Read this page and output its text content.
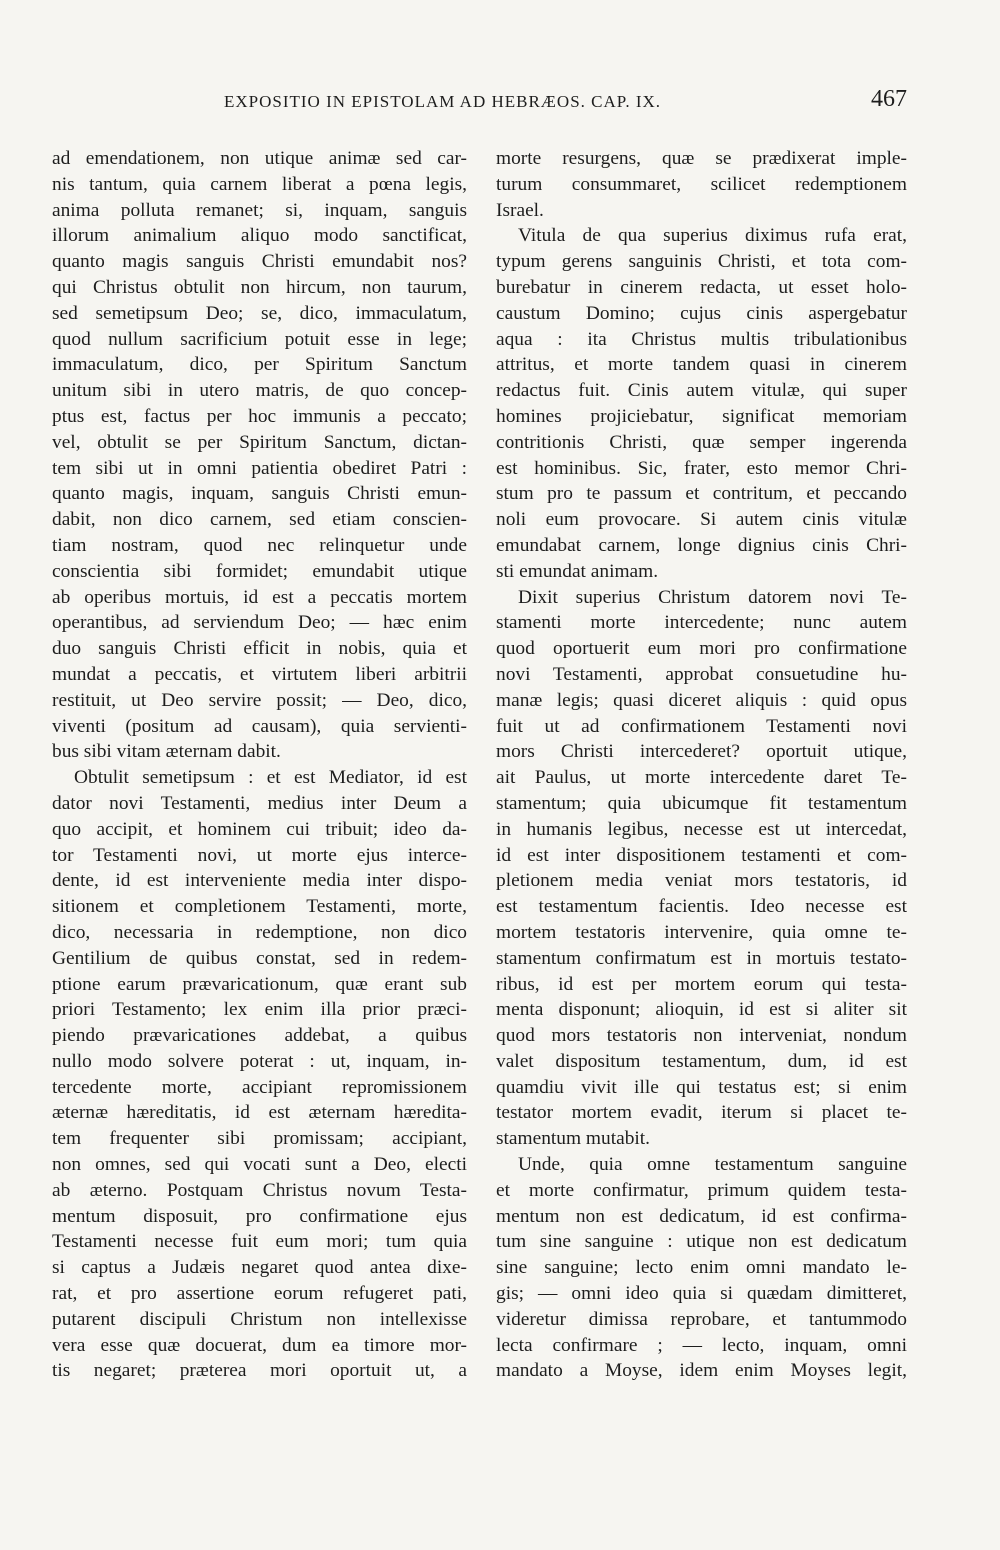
EXPOSITIO IN EPISTOLAM AD HEBRÆOS. CAP. IX.	467
ad emendationem, non utique animæ sed car-
nis tantum, quia carnem liberat a pœna legis,
anima polluta remanet; si, inquam, sanguis
illorum animalium aliquo modo sanctificat,
quanto magis sanguis Christi emundabit nos?
qui Christus obtulit non hircum, non taurum,
sed semetipsum Deo; se, dico, immaculatum,
quod nullum sacrificium potuit esse in lege;
immaculatum, dico, per Spiritum Sanctum
unitum sibi in utero matris, de quo concep-
ptus est, factus per hoc immunis a peccato;
vel, obtulit se per Spiritum Sanctum, dictan-
tem sibi ut in omni patientia obediret Patri :
quanto magis, inquam, sanguis Christi emun-
dabit, non dico carnem, sed etiam conscien-
tiam nostram, quod nec relinquetur unde
conscientia sibi formidet; emundabit utique
ab operibus mortuis, id est a peccatis mortem
operantibus, ad serviendum Deo; — hæc enim
duo sanguis Christi efficit in nobis, quia et
mundat a peccatis, et virtutem liberi arbitrii
restituit, ut Deo servire possit; — Deo, dico,
viventi (positum ad causam), quia servienti-
bus sibi vitam æternam dabit.
Obtulit semetipsum : et est Mediator, id est
dator novi Testamenti, medius inter Deum a
quo accipit, et hominem cui tribuit; ideo da-
tor Testamenti novi, ut morte ejus interce-
dente, id est interveniente media inter dispo-
sitionem et completionem Testamenti, morte,
dico, necessaria in redemptione, non dico
Gentilium de quibus constat, sed in redem-
ptione earum prævaricationum, quæ erant sub
priori Testamento; lex enim illa prior præci-
piendo prævaricationes addebat, a quibus
nullo modo solvere poterat : ut, inquam, in-
tercedente morte, accipiant repromissionem
æternæ hæreditatis, id est æternam hæredita-
tem frequenter sibi promissam; accipiant,
non omnes, sed qui vocati sunt a Deo, electi
ab æterno. Postquam Christus novum Testa-
mentum disposuit, pro confirmatione ejus
Testamenti necesse fuit eum mori; tum quia
si captus a Judæis negaret quod antea dixe-
rat, et pro assertione eorum refugeret pati,
putarent discipuli Christum non intellexisse
vera esse quæ docuerat, dum ea timore mor-
tis negaret; præterea mori oportuit ut, a
morte resurgens, quæ se prædixerat imple-
turum consummaret, scilicet redemptionem
Israel.
Vitula de qua superius diximus rufa erat,
typum gerens sanguinis Christi, et tota com-
burebatur in cinerem redacta, ut esset holo-
caustum Domino; cujus cinis aspergebatur
aqua : ita Christus multis tribulationibus
attritus, et morte tandem quasi in cinerem
redactus fuit. Cinis autem vitulæ, qui super
homines projiciebatur, significat memoriam
contritionis Christi, quæ semper ingerenda
est hominibus. Sic, frater, esto memor Chri-
stum pro te passum et contritum, et peccando
noli eum provocare. Si autem cinis vitulæ
emundabat carnem, longe dignius cinis Chri-
sti emundat animam.
Dixit superius Christum datorem novi Te-
stamenti morte intercedente; nunc autem
quod oportuerit eum mori pro confirmatione
novi Testamenti, approbat consuetudine hu-
manæ legis; quasi diceret aliquis : quid opus
fuit ut ad confirmationem Testamenti novi
mors Christi intercederet? oportuit utique,
ait Paulus, ut morte intercedente daret Te-
stamentum; quia ubicumque fit testamentum
in humanis legibus, necesse est ut intercedat,
id est inter dispositionem testamenti et com-
pletionem media veniat mors testatoris, id
est testamentum facientis. Ideo necesse est
mortem testatoris intervenire, quia omne te-
stamentum confirmatum est in mortuis testato-
ribus, id est per mortem eorum qui testa-
menta disponunt; alioquin, id est si aliter sit
quod mors testatoris non interveniat, nondum
valet dispositum testamentum, dum, id est
quamdiu vivit ille qui testatus est; si enim
testator mortem evadit, iterum si placet te-
stamentum mutabit.
Unde, quia omne testamentum sanguine
et morte confirmatur, primum quidem testa-
mentum non est dedicatum, id est confirma-
tum sine sanguine : utique non est dedicatum
sine sanguine; lecto enim omni mandato le-
gis; — omni ideo quia si quædam dimitteret,
videretur dimissa reprobare, et tantummodo
lecta confirmare ; — lecto, inquam, omni
mandato a Moyse, idem enim Moyses legit,
